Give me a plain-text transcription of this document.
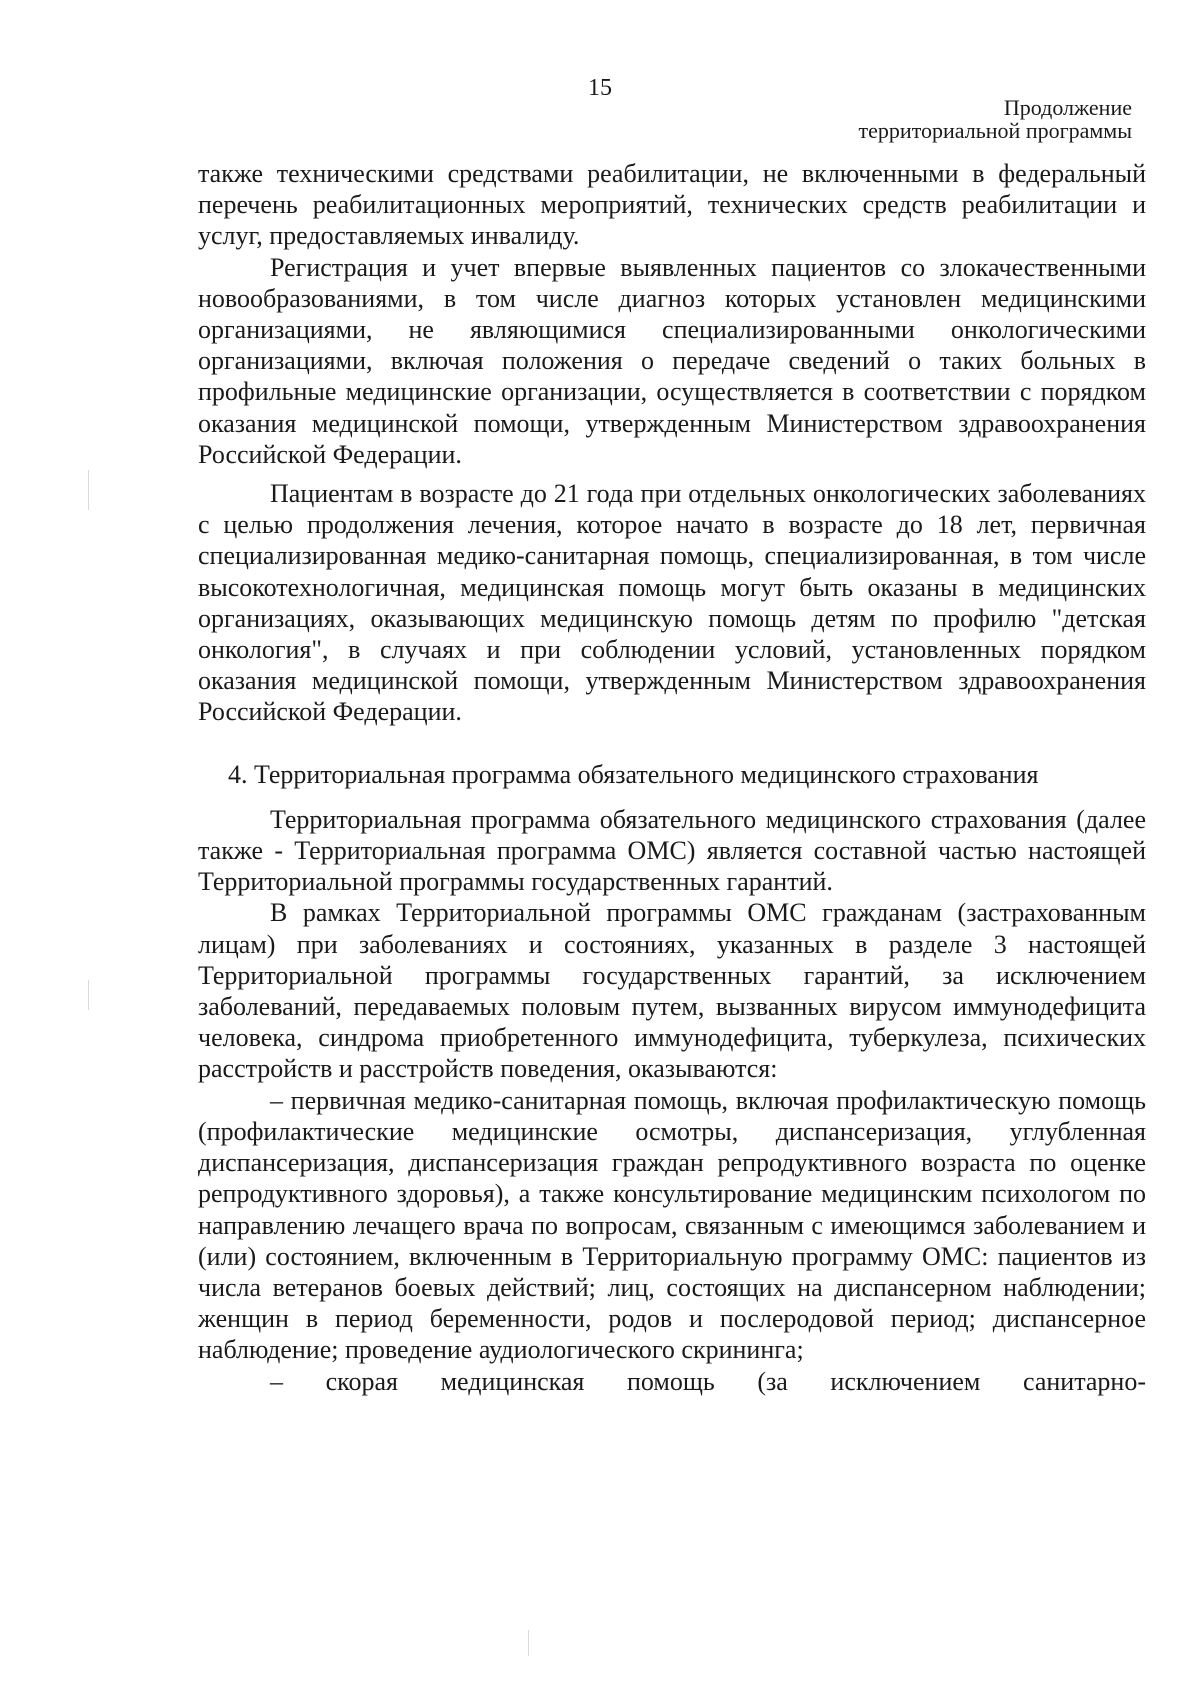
15
Продолжение
территориальной программы

также техническими средствами реабилитации, не включенными в федеральный перечень реабилитационных мероприятий, технических средств реабилитации и услуг, предоставляемых инвалиду.

Регистрация и учет впервые выявленных пациентов со злокачественными новообразованиями, в том числе диагноз которых установлен медицинскими организациями, не являющимися специализированными онкологическими организациями, включая положения о передаче сведений о таких больных в профильные медицинские организации, осуществляется в соответствии с порядком оказания медицинской помощи, утвержденным Министерством здравоохранения Российской Федерации.

Пациентам в возрасте до 21 года при отдельных онкологических заболеваниях с целью продолжения лечения, которое начато в возрасте до 18 лет, первичная специализированная медико-санитарная помощь, специализированная, в том числе высокотехнологичная, медицинская помощь могут быть оказаны в медицинских организациях, оказывающих медицинскую помощь детям по профилю "детская онкология", в случаях и при соблюдении условий, установленных порядком оказания медицинской помощи, утвержденным Министерством здравоохранения Российской Федерации.

4. Территориальная программа обязательного медицинского страхования

Территориальная программа обязательного медицинского страхования (далее также - Территориальная программа ОМС) является составной частью настоящей Территориальной программы государственных гарантий.

В рамках Территориальной программы ОМС гражданам (застрахованным лицам) при заболеваниях и состояниях, указанных в разделе 3 настоящей Территориальной программы государственных гарантий, за исключением заболеваний, передаваемых половым путем, вызванных вирусом иммунодефицита человека, синдрома приобретенного иммунодефицита, туберкулеза, психических расстройств и расстройств поведения, оказываются:

– первичная медико-санитарная помощь, включая профилактическую помощь (профилактические медицинские осмотры, диспансеризация, углубленная диспансеризация, диспансеризация граждан репродуктивного возраста по оценке репродуктивного здоровья), а также консультирование медицинским психологом по направлению лечащего врача по вопросам, связанным с имеющимся заболеванием и (или) состоянием, включенным в Территориальную программу ОМС: пациентов из числа ветеранов боевых действий; лиц, состоящих на диспансерном наблюдении; женщин в период беременности, родов и послеродовой период; диспансерное наблюдение; проведение аудиологического скрининга;

– скорая медицинская помощь (за исключением санитарно-
